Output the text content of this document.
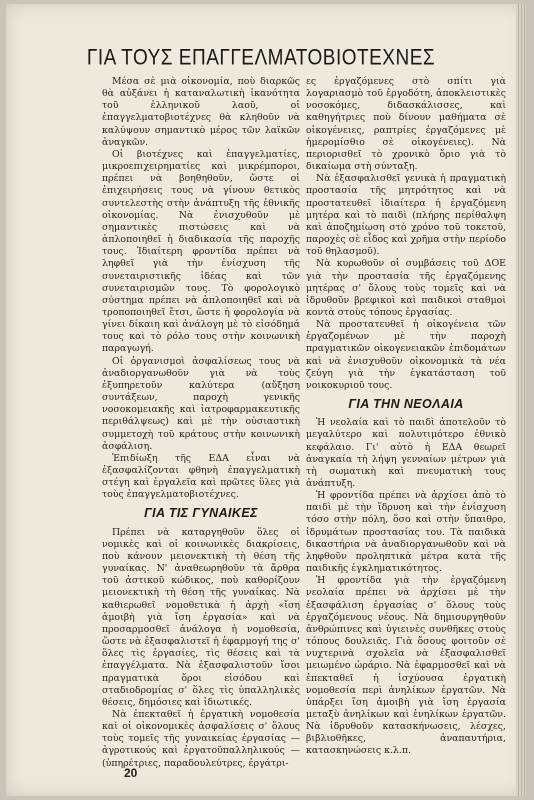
ΓΙΑ ΤΟΥΣ ΕΠΑΓΓΕΛΜΑΤΟΒΙΟΤΕΧΝΕΣ

Μέσα σὲ μιὰ οἰκονομία, ποὺ διαρκῶς θὰ αὐξάνει ἡ καταναλωτικὴ ἱκανότητα τοῦ ἑλληνικοῦ λαοῦ, οἱ ἐπαγγελματοβιοτέχνες θὰ κληθοῦν νὰ καλύψουν σημαντικὸ μέρος τῶν λαϊκῶν ἀναγκῶν.

Οἱ βιοτέχνες καὶ ἐπαγγελματίες, μικροεπιχειρηματίες καὶ μικρέμποροι, πρέπει νὰ βοηθηθοῦν, ὥστε οἱ ἐπιχειρήσεις τους νὰ γίνουν θετικὸς συντελεστὴς στὴν ἀνάπτυξη τῆς ἐθνικῆς οἰκονομίας. Νὰ ἐνισχυθοῦν μὲ σημαντικὲς πιστώσεις καὶ νὰ ἁπλοποιηθεῖ ἡ διαδικασία τῆς παροχῆς τους. Ἰδιαίτερη φροντίδα πρέπει νὰ ληφθεῖ γιὰ τὴν ἐνίσχυση τῆς συνεταιριστικῆς ἰδέας καὶ τῶν συνεταιρισμῶν τους. Τὸ φορολογικὸ σύστημα πρέπει νὰ ἁπλοποιηθεῖ καὶ νὰ τροποποιηθεῖ ἔτσι, ὥστε ἡ φορολογία νὰ γίνει δίκαιη καὶ ἀνάλογη μὲ τὸ εἰσόδημά τους καὶ τὸ ρόλο τους στὴν κοινωνικὴ παραγωγή.

Οἱ ὀργανισμοὶ ἀσφαλίσεως τους νὰ ἀναδιοργανωθοῦν γιὰ νὰ τοὺς ἐξυπηρετοῦν καλύτερα (αὔξηση συντάξεων, παροχὴ γενικῆς νοσοκομειακῆς καὶ ἰατροφαρμακευτικῆς περιθάλψεως) καὶ μὲ τὴν οὐσιαστικὴ συμμετοχὴ τοῦ κράτους στὴν κοινωνικὴ ἀσφάλιση.

Ἐπιδίωξη τῆς ΕΔΑ εἶναι νὰ ἐξασφαλίζονται φθηνὴ ἐπαγγελματικὴ στέγη καὶ ἐργαλεῖα καὶ πρῶτες ὕλες γιὰ τοὺς ἐπαγγελματοβιοτέχνες.

ΓΙΑ ΤΙΣ ΓΥΝΑΙΚΕΣ

Πρέπει νὰ καταργηθοῦν ὅλες οἱ νομικὲς καὶ οἱ κοινωνικὲς διακρίσεις, ποὺ κάνουν μειονεκτικὴ τὴ θέση τῆς γυναίκας. Ν' ἀναθεωρηθοῦν τὰ ἄρθρα τοῦ ἀστικοῦ κώδικος, ποὺ καθορίζουν μειονεκτικὴ τὴ θέση τῆς γυναίκας. Νὰ καθιερωθεῖ νομοθετικὰ ἡ ἀρχὴ «ἴση ἀμοιβὴ γιὰ ἴση ἐργασία» καὶ νὰ προσαρμοσθεῖ ἀνάλογα ἡ νομοθεσία, ὥστε νὰ ἐξασφαλιστεῖ ἡ ἐφαρμογή της σ' ὅλες τὶς ἐργασίες, τὶς θέσεις καὶ τὰ ἐπαγγέλματα. Νὰ ἐξασφαλιστοῦν ἴσοι πραγματικὰ ὅροι εἰσόδου καὶ σταδιοδρομίας σ' ὅλες τὶς ὑπαλληλικὲς θέσεις, δημόσιες καὶ ἰδιωτικές.

Νὰ ἐπεκταθεῖ ἡ ἐργατικὴ νομοθεσία καὶ οἱ οἰκονομικὲς ἀσφαλίσεις σ' ὅλους τοὺς τομεῖς τῆς γυναικείας ἐργασίας — ἀγροτικούς καὶ ἐργατοϋπαλληλικούς — (ὑπηρέτριες, παραδουλεύτρες, ἐργάτρι-

ες ἐργαζόμενες στὸ σπίτι γιὰ λογαριασμὸ τοῦ ἐργοδότη, ἀποκλειστικὲς νοσοκόμες, διδασκάλισσες, καὶ καθηγήτριες ποὺ δίνουν μαθήματα σὲ οἰκογένειες, ραπτρίες ἐργαζόμενες μὲ ἡμερομίσθιο σὲ οἰκογένειες). Νὰ περιορισθεῖ τὸ χρονικὸ ὅριο γιὰ τὸ δικαίωμα στὴ σύνταξη.

Νὰ ἐξασφαλισθεῖ γενικὰ ἡ πραγματικὴ προστασία τῆς μητρότητος καὶ νὰ προστατευθεῖ ἰδιαίτερα ἡ ἐργαζόμενη μητέρα καὶ τὸ παιδὶ (πλήρης περίθαλψη καὶ ἀποζημίωση στὸ χρόνο τοῦ τοκετοῦ, παροχὲς σὲ εἶδος καὶ χρῆμα στὴν περίοδο τοῦ θηλασμοῦ).

Νὰ κυρωθοῦν οἱ συμβάσεις τοῦ ΔΟΕ γιὰ τὴν προστασία τῆς ἐργαζόμενης μητέρας σ' ὅλους τοὺς τομεῖς καὶ νὰ ἱδρυθοῦν βρεφικοὶ καὶ παιδικοὶ σταθμοὶ κοντὰ στοὺς τόπους ἐργασίας.

Νὰ προστατευθεῖ ἡ οἰκογένεια τῶν ἐργαζομένων μὲ τὴν παροχὴ πραγματικῶν οἰκογενειακῶν ἐπιδομάτων καὶ νὰ ἐνισχυθοῦν οἰκονομικὰ τὰ νέα ζεύγη γιὰ τὴν ἐγκατάσταση τοῦ νοικοκυριοῦ τους.

ΓΙΑ ΤΗΝ ΝΕΟΛΑΙΑ

Ἡ νεολαία καὶ τὸ παιδὶ ἀποτελοῦν τὸ μεγαλύτερο καὶ πολυτιμότερο ἐθνικὸ κεφάλαιο. Γι' αὐτὸ ἡ ΕΔΑ θεωρεῖ ἀναγκαία τὴ λήψη γενναίων μέτρων γιὰ τὴ σωματικὴ καὶ πνευματικὴ τους ἀνάπτυξη.

Ἡ φροντίδα πρέπει νὰ ἀρχίσει ἀπὸ τὸ παιδὶ μὲ τὴν ἵδρυση καὶ τὴν ἐνίσχυση τόσο στὴν πόλη, ὅσο καὶ στὴν ὕπαιθρο, ἰδρυμάτων προστασίας του. Τὰ παιδικὰ δικαστήρια νὰ ἀναδιοργανωθοῦν καὶ νὰ ληφθοῦν προληπτικὰ μέτρα κατὰ τῆς παιδικῆς ἐγκληματικότητος.

Ἡ φροντίδα γιὰ τὴν ἐργαζόμενη νεολαία πρέπει νὰ ἀρχίσει μὲ τὴν ἐξασφάλιση ἐργασίας σ' ὅλους τοὺς ἐργαζόμενους νέους. Νὰ δημιουργηθοῦν ἀνθρώπινες καὶ ὑγιεινὲς συνθῆκες στοὺς τόπους δουλειᾶς. Γιὰ ὅσους φοιτοῦν σὲ νυχτερινὰ σχολεῖα νὰ ἐξασφαλισθεῖ μειωμένο ὡράριο. Νὰ ἐφαρμοσθεῖ καὶ νὰ ἐπεκταθεῖ ἡ ἰσχύουσα ἐργατικὴ νομοθεσία περὶ ἀνηλίκων ἐργατῶν. Νὰ ὑπάρξει ἴση ἀμοιβὴ γιὰ ἴση ἐργασία μεταξὺ ἀνηλίκων καὶ ἐνηλίκων ἐργατῶν. Νὰ ἱδρυθοῦν κατασκήνωσεις, λέσχες, βιβλιοθῆκες, ἀναπαυτήρια, κατασκηνώσεις κ.λ.π.

20
